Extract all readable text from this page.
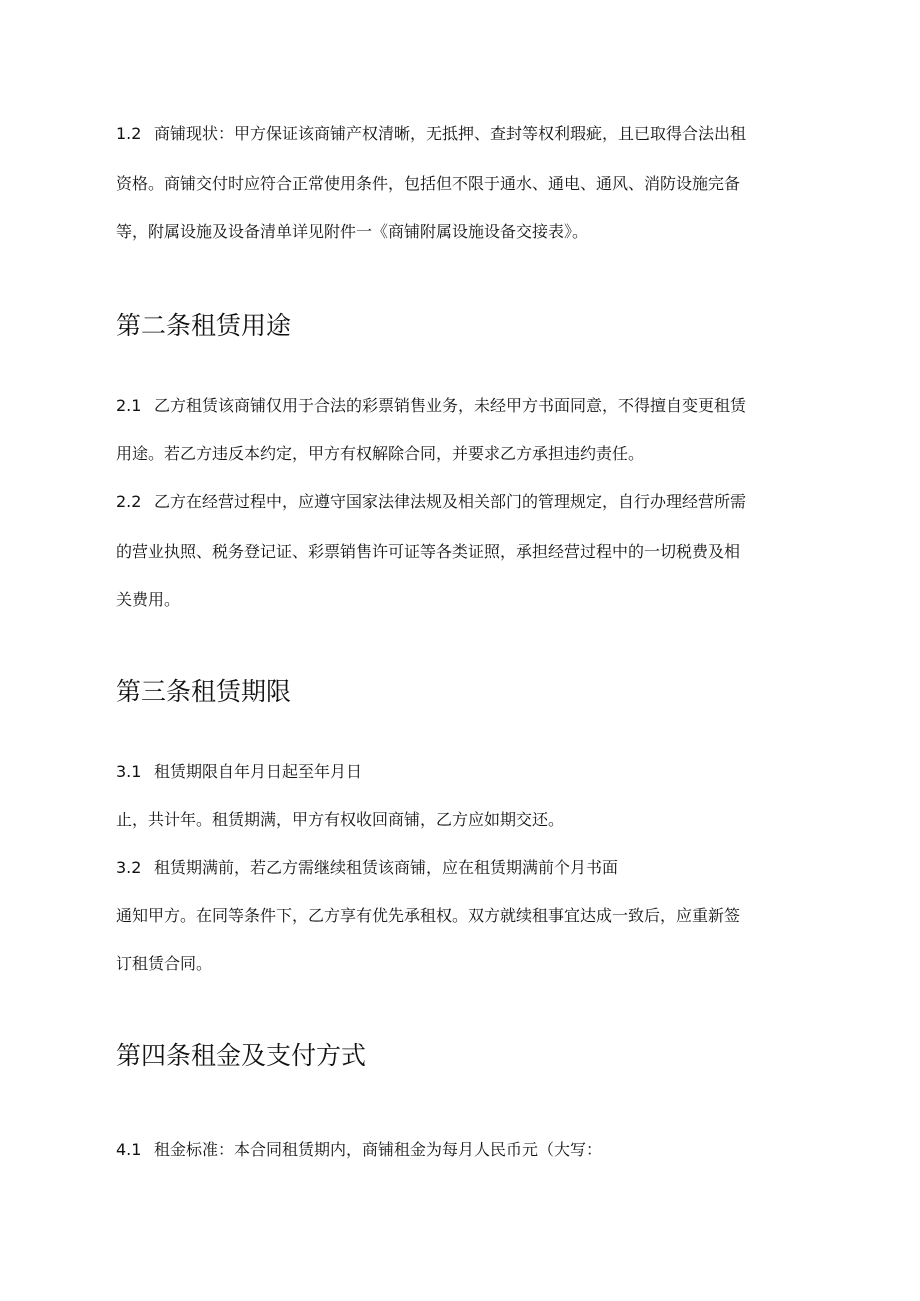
1.2 商铺现状：甲方保证该商铺产权清晰，无抵押、查封等权利瑕疵，且已取得合法出租
资格。商铺交付时应符合正常使用条件，包括但不限于通水、通电、通风、消防设施完备
等，附属设施及设备清单详见附件一《商铺附属设施设备交接表》。
第二条租赁用途
2.1 乙方租赁该商铺仅用于合法的彩票销售业务，未经甲方书面同意，不得擅自变更租赁
用途。若乙方违反本约定，甲方有权解除合同，并要求乙方承担违约责任。
2.2 乙方在经营过程中，应遵守国家法律法规及相关部门的管理规定，自行办理经营所需
的营业执照、税务登记证、彩票销售许可证等各类证照，承担经营过程中的一切税费及相
关费用。
第三条租赁期限
3.1 租赁期限自年月日起至年月日
止，共计年。租赁期满，甲方有权收回商铺，乙方应如期交还。
3.2 租赁期满前，若乙方需继续租赁该商铺，应在租赁期满前个月书面
通知甲方。在同等条件下，乙方享有优先承租权。双方就续租事宜达成一致后，应重新签
订租赁合同。
第四条租金及支付方式
4.1 租金标准：本合同租赁期内，商铺租金为每月人民币元（大写：
